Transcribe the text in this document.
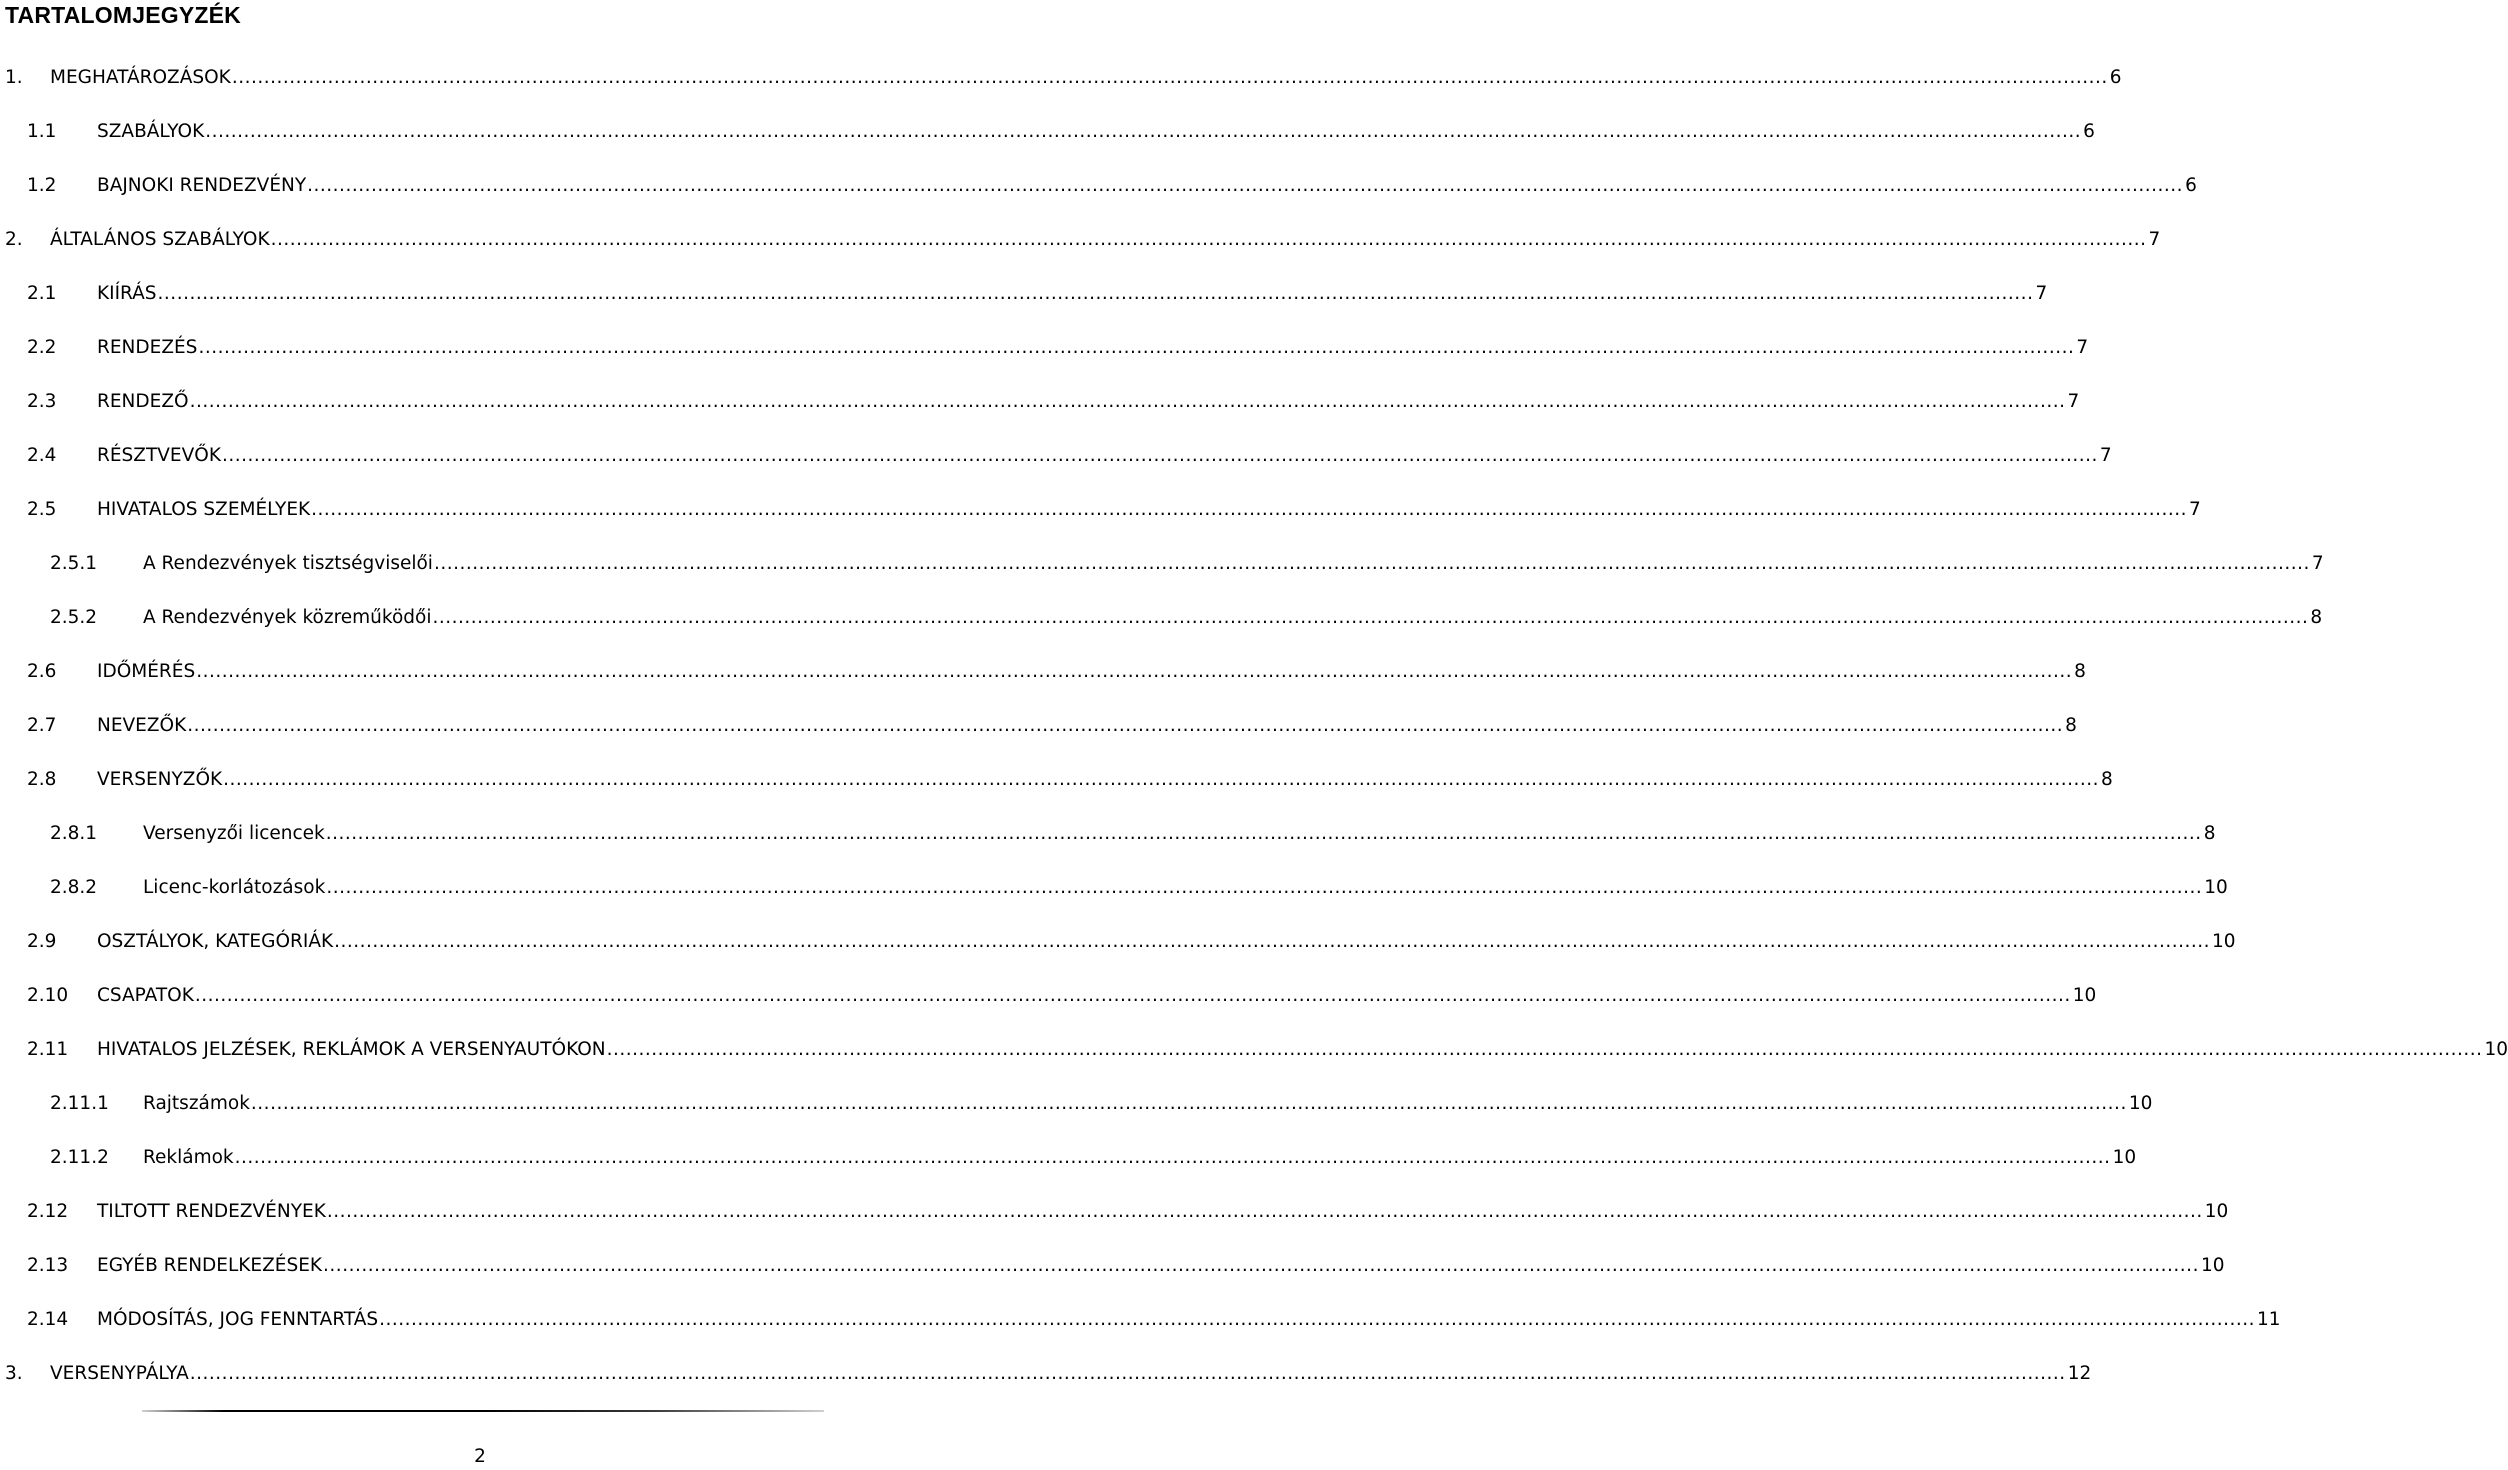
TARTALOMJEGYZÉK
1. MEGHATÁROZÁSOK .....	6
1.1 SZABÁLYOK .....	6
1.2 BAJNOKI RENDEZVÉNY .....	6
2. ÁLTALÁNOS SZABÁLYOK .....	7
2.1 KIÍRÁS .....	7
2.2 RENDEZÉS .....	7
2.3 RENDEZŐ .....	7
2.4 RÉSZTVEVŐK .....	7
2.5 HIVATALOS SZEMÉLYEK .....	7
2.5.1 A Rendezvények tisztségviselői .....	7
2.5.2 A Rendezvények közreműködői .....	8
2.6 IDŐMÉRÉS .....	8
2.7 NEVEZŐK .....	8
2.8 VERSENYZŐK .....	8
2.8.1 Versenyzői licencek .....	8
2.8.2 Licenc-korlátozások .....	10
2.9 OSZTÁLYOK, KATEGÓRIÁK .....	10
2.10 CSAPATOK .....	10
2.11 HIVATALOS JELZÉSEK, REKLÁMOK A VERSENYAUTÓKON .....	10
2.11.1 Rajtszámok .....	10
2.11.2 Reklámok .....	10
2.12 TILTOTT RENDEZVÉNYEK .....	10
2.13 EGYÉB RENDELKEZÉSEK .....	10
2.14 MÓDOSÍTÁS, JOG FENNTARTÁS .....	11
3. VERSENYPÁLYA .....	12
2
